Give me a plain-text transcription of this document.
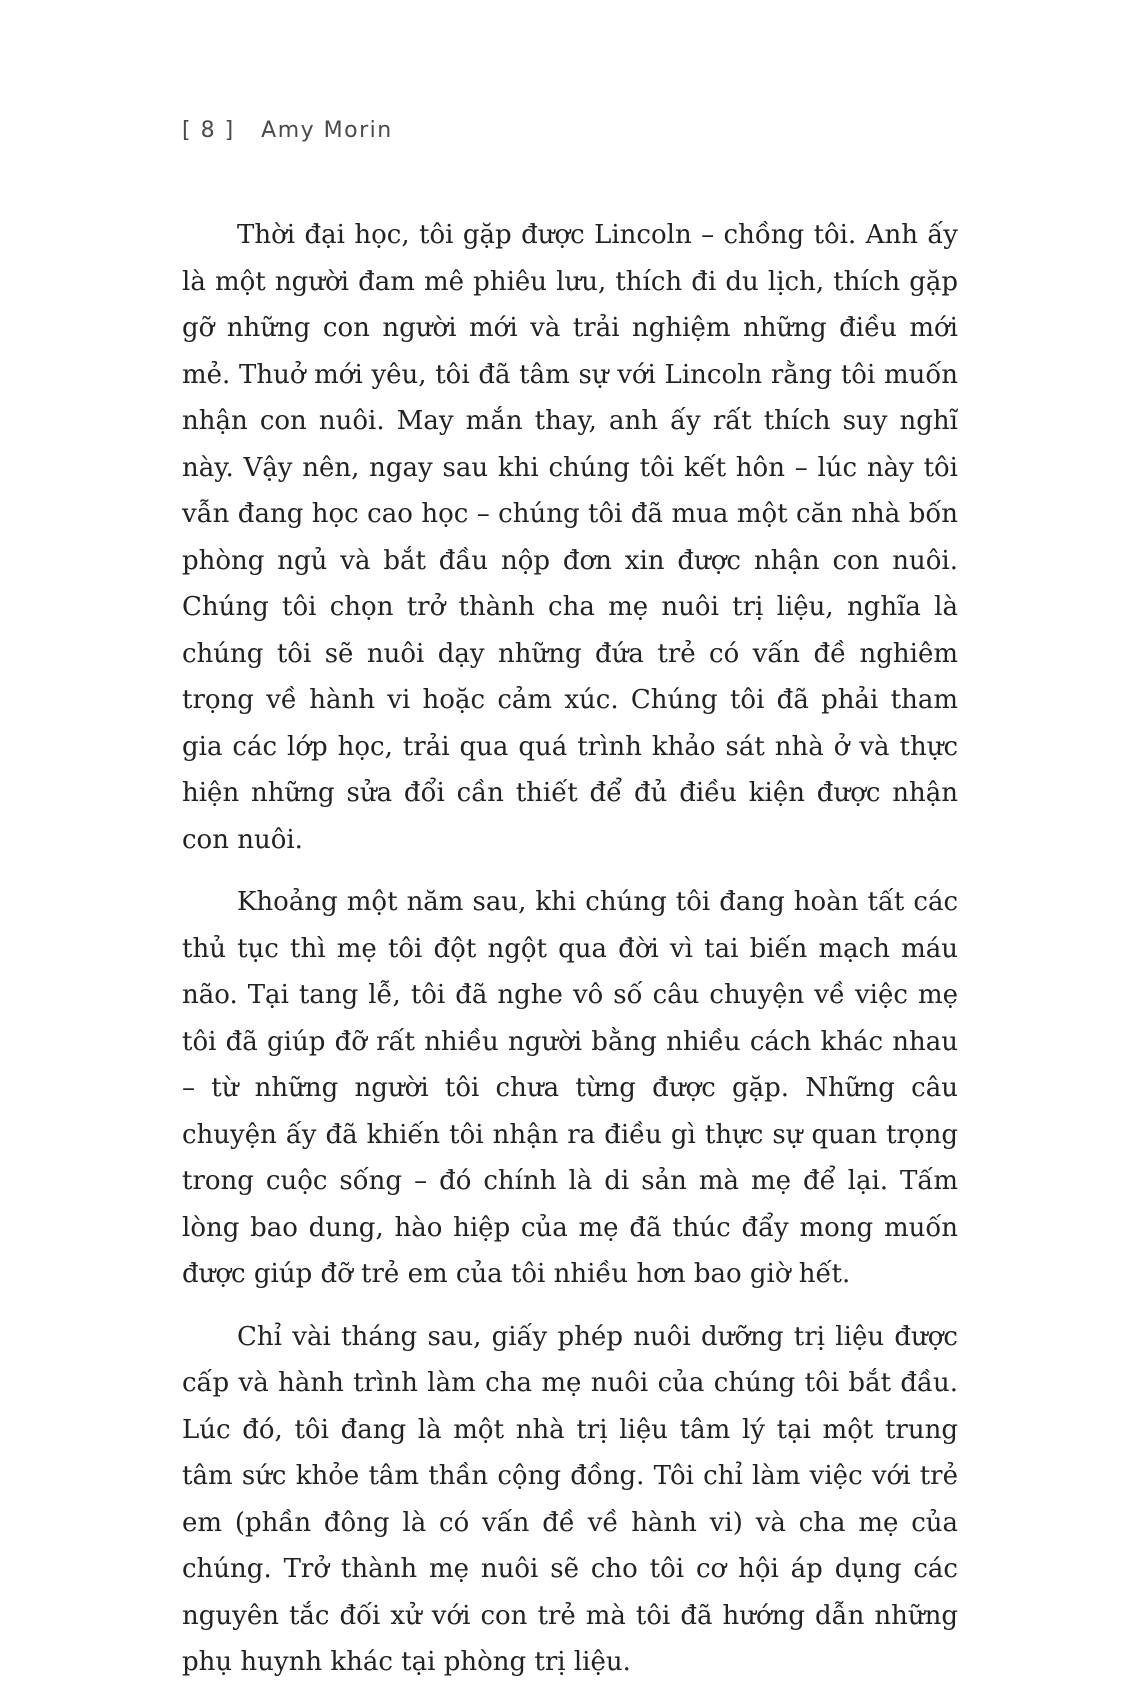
[ 8 ] Amy Morin

Thời đại học, tôi gặp được Lincoln – chồng tôi. Anh ấy là một người đam mê phiêu lưu, thích đi du lịch, thích gặp gỡ những con người mới và trải nghiệm những điều mới mẻ. Thuở mới yêu, tôi đã tâm sự với Lincoln rằng tôi muốn nhận con nuôi. May mắn thay, anh ấy rất thích suy nghĩ này. Vậy nên, ngay sau khi chúng tôi kết hôn – lúc này tôi vẫn đang học cao học – chúng tôi đã mua một căn nhà bốn phòng ngủ và bắt đầu nộp đơn xin được nhận con nuôi. Chúng tôi chọn trở thành cha mẹ nuôi trị liệu, nghĩa là chúng tôi sẽ nuôi dạy những đứa trẻ có vấn đề nghiêm trọng về hành vi hoặc cảm xúc. Chúng tôi đã phải tham gia các lớp học, trải qua quá trình khảo sát nhà ở và thực hiện những sửa đổi cần thiết để đủ điều kiện được nhận con nuôi.

Khoảng một năm sau, khi chúng tôi đang hoàn tất các thủ tục thì mẹ tôi đột ngột qua đời vì tai biến mạch máu não. Tại tang lễ, tôi đã nghe vô số câu chuyện về việc mẹ tôi đã giúp đỡ rất nhiều người bằng nhiều cách khác nhau – từ những người tôi chưa từng được gặp. Những câu chuyện ấy đã khiến tôi nhận ra điều gì thực sự quan trọng trong cuộc sống – đó chính là di sản mà mẹ để lại. Tấm lòng bao dung, hào hiệp của mẹ đã thúc đẩy mong muốn được giúp đỡ trẻ em của tôi nhiều hơn bao giờ hết.

Chỉ vài tháng sau, giấy phép nuôi dưỡng trị liệu được cấp và hành trình làm cha mẹ nuôi của chúng tôi bắt đầu. Lúc đó, tôi đang là một nhà trị liệu tâm lý tại một trung tâm sức khỏe tâm thần cộng đồng. Tôi chỉ làm việc với trẻ em (phần đông là có vấn đề về hành vi) và cha mẹ của chúng. Trở thành mẹ nuôi sẽ cho tôi cơ hội áp dụng các nguyên tắc đối xử với con trẻ mà tôi đã hướng dẫn những phụ huynh khác tại phòng trị liệu.
